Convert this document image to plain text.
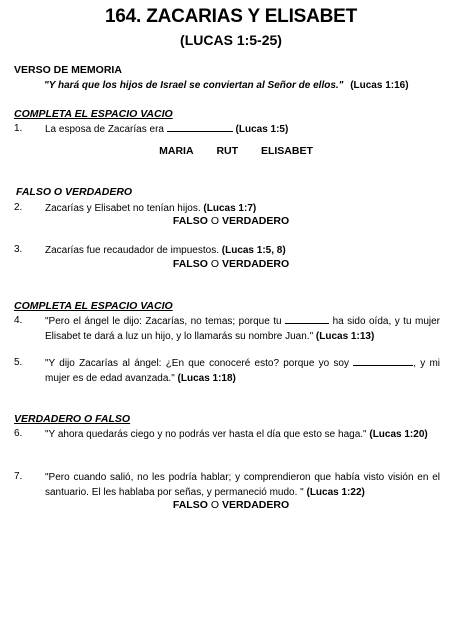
164. ZACARIAS Y ELISABET
(LUCAS 1:5-25)
VERSO DE MEMORIA
"Y hará que los hijos de Israel se conviertan al Señor de ellos." (Lucas 1:16)
COMPLETA EL ESPACIO VACIO
1. La esposa de Zacarías era	(Lucas 1:5)
MARIA RUT ELISABET
FALSO O VERDADERO
2. Zacarías y Elisabet no tenían hijos. (Lucas 1:7)
FALSO O VERDADERO
3. Zacarías fue recaudador de impuestos. (Lucas 1:5, 8)
FALSO O VERDADERO
COMPLETA EL ESPACIO VACIO
4. "Pero el ángel le dijo: Zacarías, no temas; porque tu	ha sido oída, y tu mujer Elisabet te dará a luz un hijo, y lo llamarás su nombre Juan." (Lucas 1:13)
5. "Y dijo Zacarías al ángel: ¿En que conoceré esto? porque yo soy	, y mi mujer es de edad avanzada." (Lucas 1:18)
VERDADERO O FALSO
6. "Y ahora quedarás ciego y no podrás ver hasta el día que esto se haga." (Lucas 1:20)
7. "Pero cuando salió, no les podría hablar; y comprendieron que había visto visión en el santuario. El les hablaba por señas, y permaneció mudo. " (Lucas 1:22)
FALSO O VERDADERO
